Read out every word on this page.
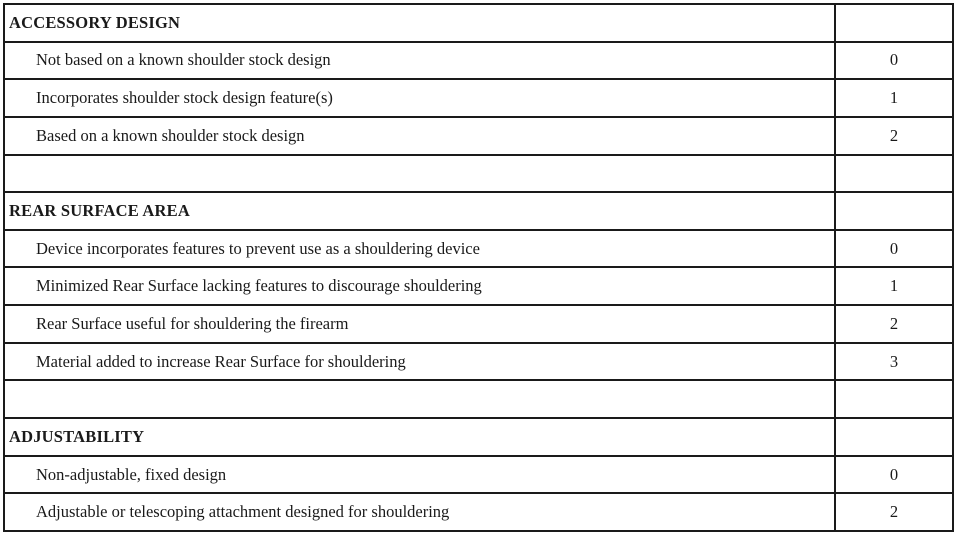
ACCESSORY DESIGN	
Not based on a known shoulder stock design	0
Incorporates shoulder stock design feature(s)	1
Based on a known shoulder stock design	2

REAR SURFACE AREA	
Device incorporates features to prevent use as a shouldering device	0
Minimized Rear Surface lacking features to discourage shouldering	1
Rear Surface useful for shouldering the firearm	2
Material added to increase Rear Surface for shouldering	3

ADJUSTABILITY	
Non-adjustable, fixed design	0
Adjustable or telescoping attachment designed for shouldering	2
